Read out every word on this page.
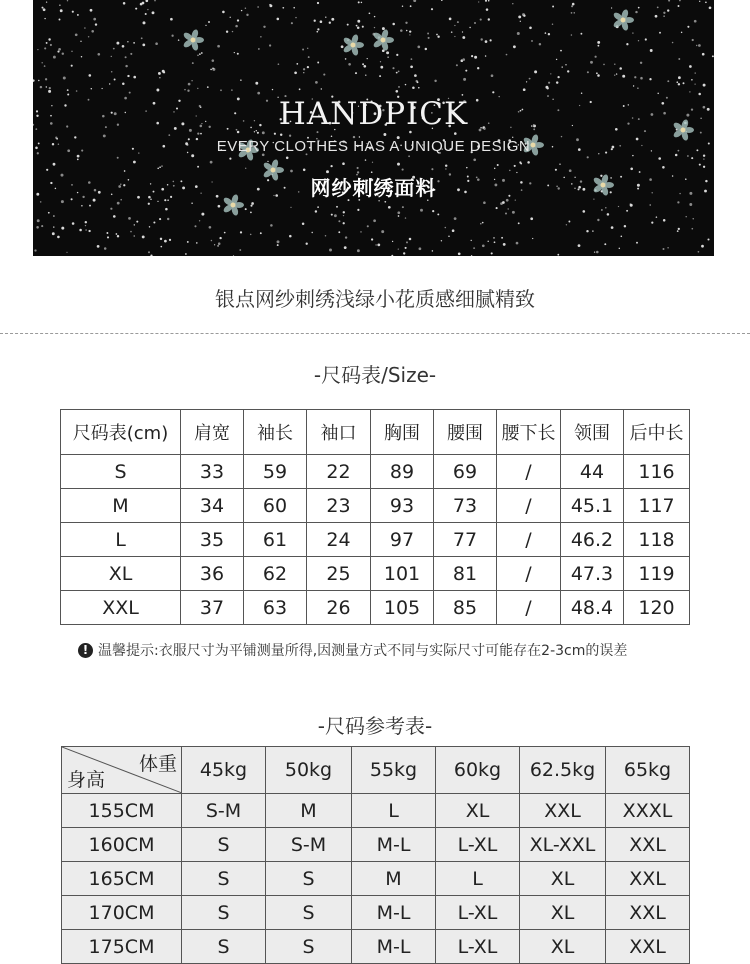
HANDPICK
EVERY CLOTHES HAS A UNIQUE DESIGN
网纱刺绣面料
银点网纱刺绣浅绿小花质感细腻精致
-尺码表/Size-
尺码表(cm)	肩宽	袖长	袖口	胸围	腰围	腰下长	领围	后中长
S	33	59	22	89	69	/	44	116
M	34	60	23	93	73	/	45.1	117
L	35	61	24	97	77	/	46.2	118
XL	36	62	25	101	81	/	47.3	119
XXL	37	63	26	105	85	/	48.4	120
! 温馨提示:衣服尺寸为平铺测量所得,因测量方式不同与实际尺寸可能存在2-3cm的误差
-尺码参考表-
体重
身高	45kg	50kg	55kg	60kg	62.5kg	65kg
155CM	S-M	M	L	XL	XXL	XXXL
160CM	S	S-M	M-L	L-XL	XL-XXL	XXL
165CM	S	S	M	L	XL	XXL
170CM	S	S	M-L	L-XL	XL	XXL
175CM	S	S	M-L	L-XL	XL	XXL
